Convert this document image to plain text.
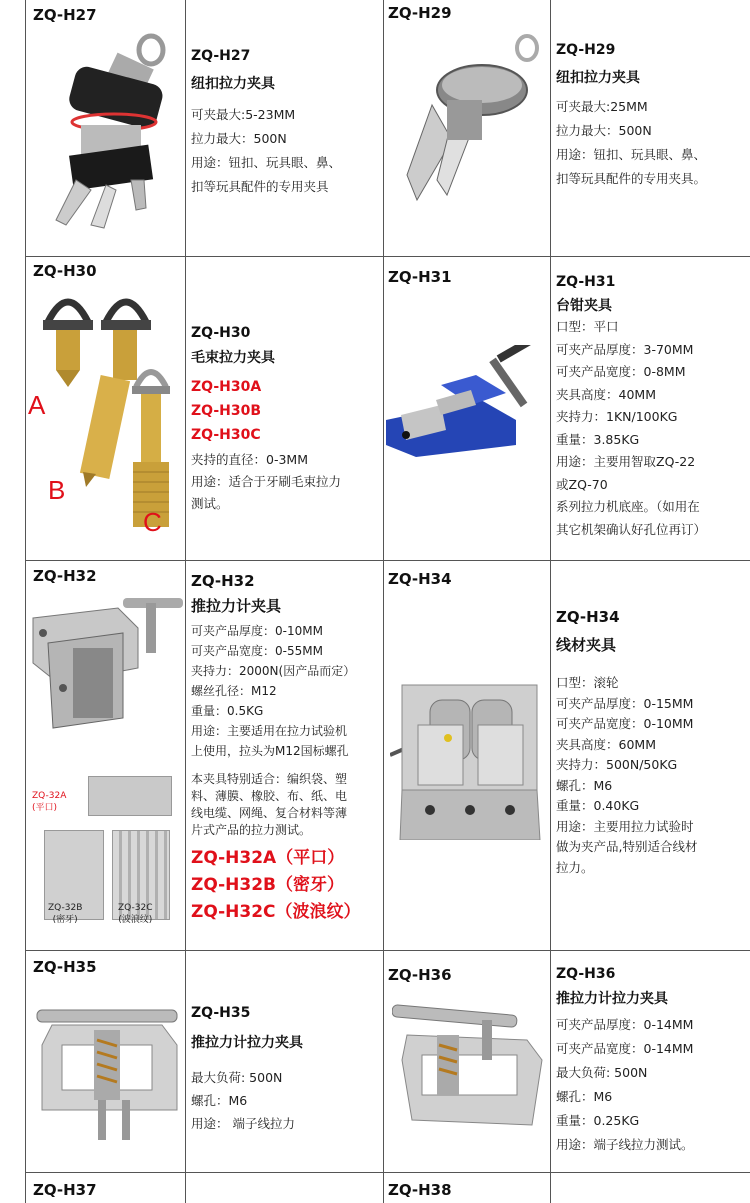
ZQ-H27
ZQ-H27
纽扣拉力夹具
可夹最大:5-23MM
拉力最大：500N
用途：钮扣、玩具眼、鼻、
扣等玩具配件的专用夹具
ZQ-H29
ZQ-H29
纽扣拉力夹具
可夹最大:25MM
拉力最大：500N
用途：钮扣、玩具眼、鼻、
扣等玩具配件的专用夹具。
ZQ-H30
A
B
C
ZQ-H30
毛束拉力夹具
ZQ-H30A
ZQ-H30B
ZQ-H30C
夹持的直径：0-3MM
用途：适合于牙刷毛束拉力
测试。
ZQ-H31	ZQ-H31
台钳夹具
口型：平口
可夹产品厚度：3-70MM
可夹产品宽度：0-8MM
夹具高度：40MM
夹持力：1KN/100KG
重量：3.85KG
用途：主要用智取ZQ-22
或ZQ-70
系列拉力机底座。（如用在
其它机架确认好孔位再订）
ZQ-H32
ZQ-32A
(平口)
ZQ-32B
(密牙)
ZQ-32C
(波浪纹)
ZQ-H32
推拉力计夹具
可夹产品厚度：0-10MM
可夹产品宽度：0-55MM
夹持力：2000N(因产品而定）
螺丝孔径：M12
重量：0.5KG
用途：主要适用在拉力试验机
上使用，拉头为M12国标螺孔
本夹具特别适合：编织袋、塑
料、薄膜、橡胶、布、纸、电
线电缆、网绳、复合材料等薄
片式产品的拉力测试。
ZQ-H32A（平口）
ZQ-H32B（密牙）
ZQ-H32C（波浪纹）
ZQ-H34
ZQ-H34
线材夹具
口型：滚轮
可夹产品厚度：0-15MM
可夹产品宽度：0-10MM
夹具高度：60MM
夹持力：500N/50KG
螺孔：M6
重量：0.40KG
用途：主要用拉力试验时
做为夹产品,特别适合线材
拉力。
ZQ-H35
ZQ-H35
推拉力计拉力夹具
最大负荷: 500N
螺孔：M6
用途： 端子线拉力
ZQ-H36	ZQ-H36
推拉力计拉力夹具
可夹产品厚度：0-14MM
可夹产品宽度：0-14MM
最大负荷: 500N
螺孔：M6
重量：0.25KG
用途：端子线拉力测试。
ZQ-H37	ZQ-H38
